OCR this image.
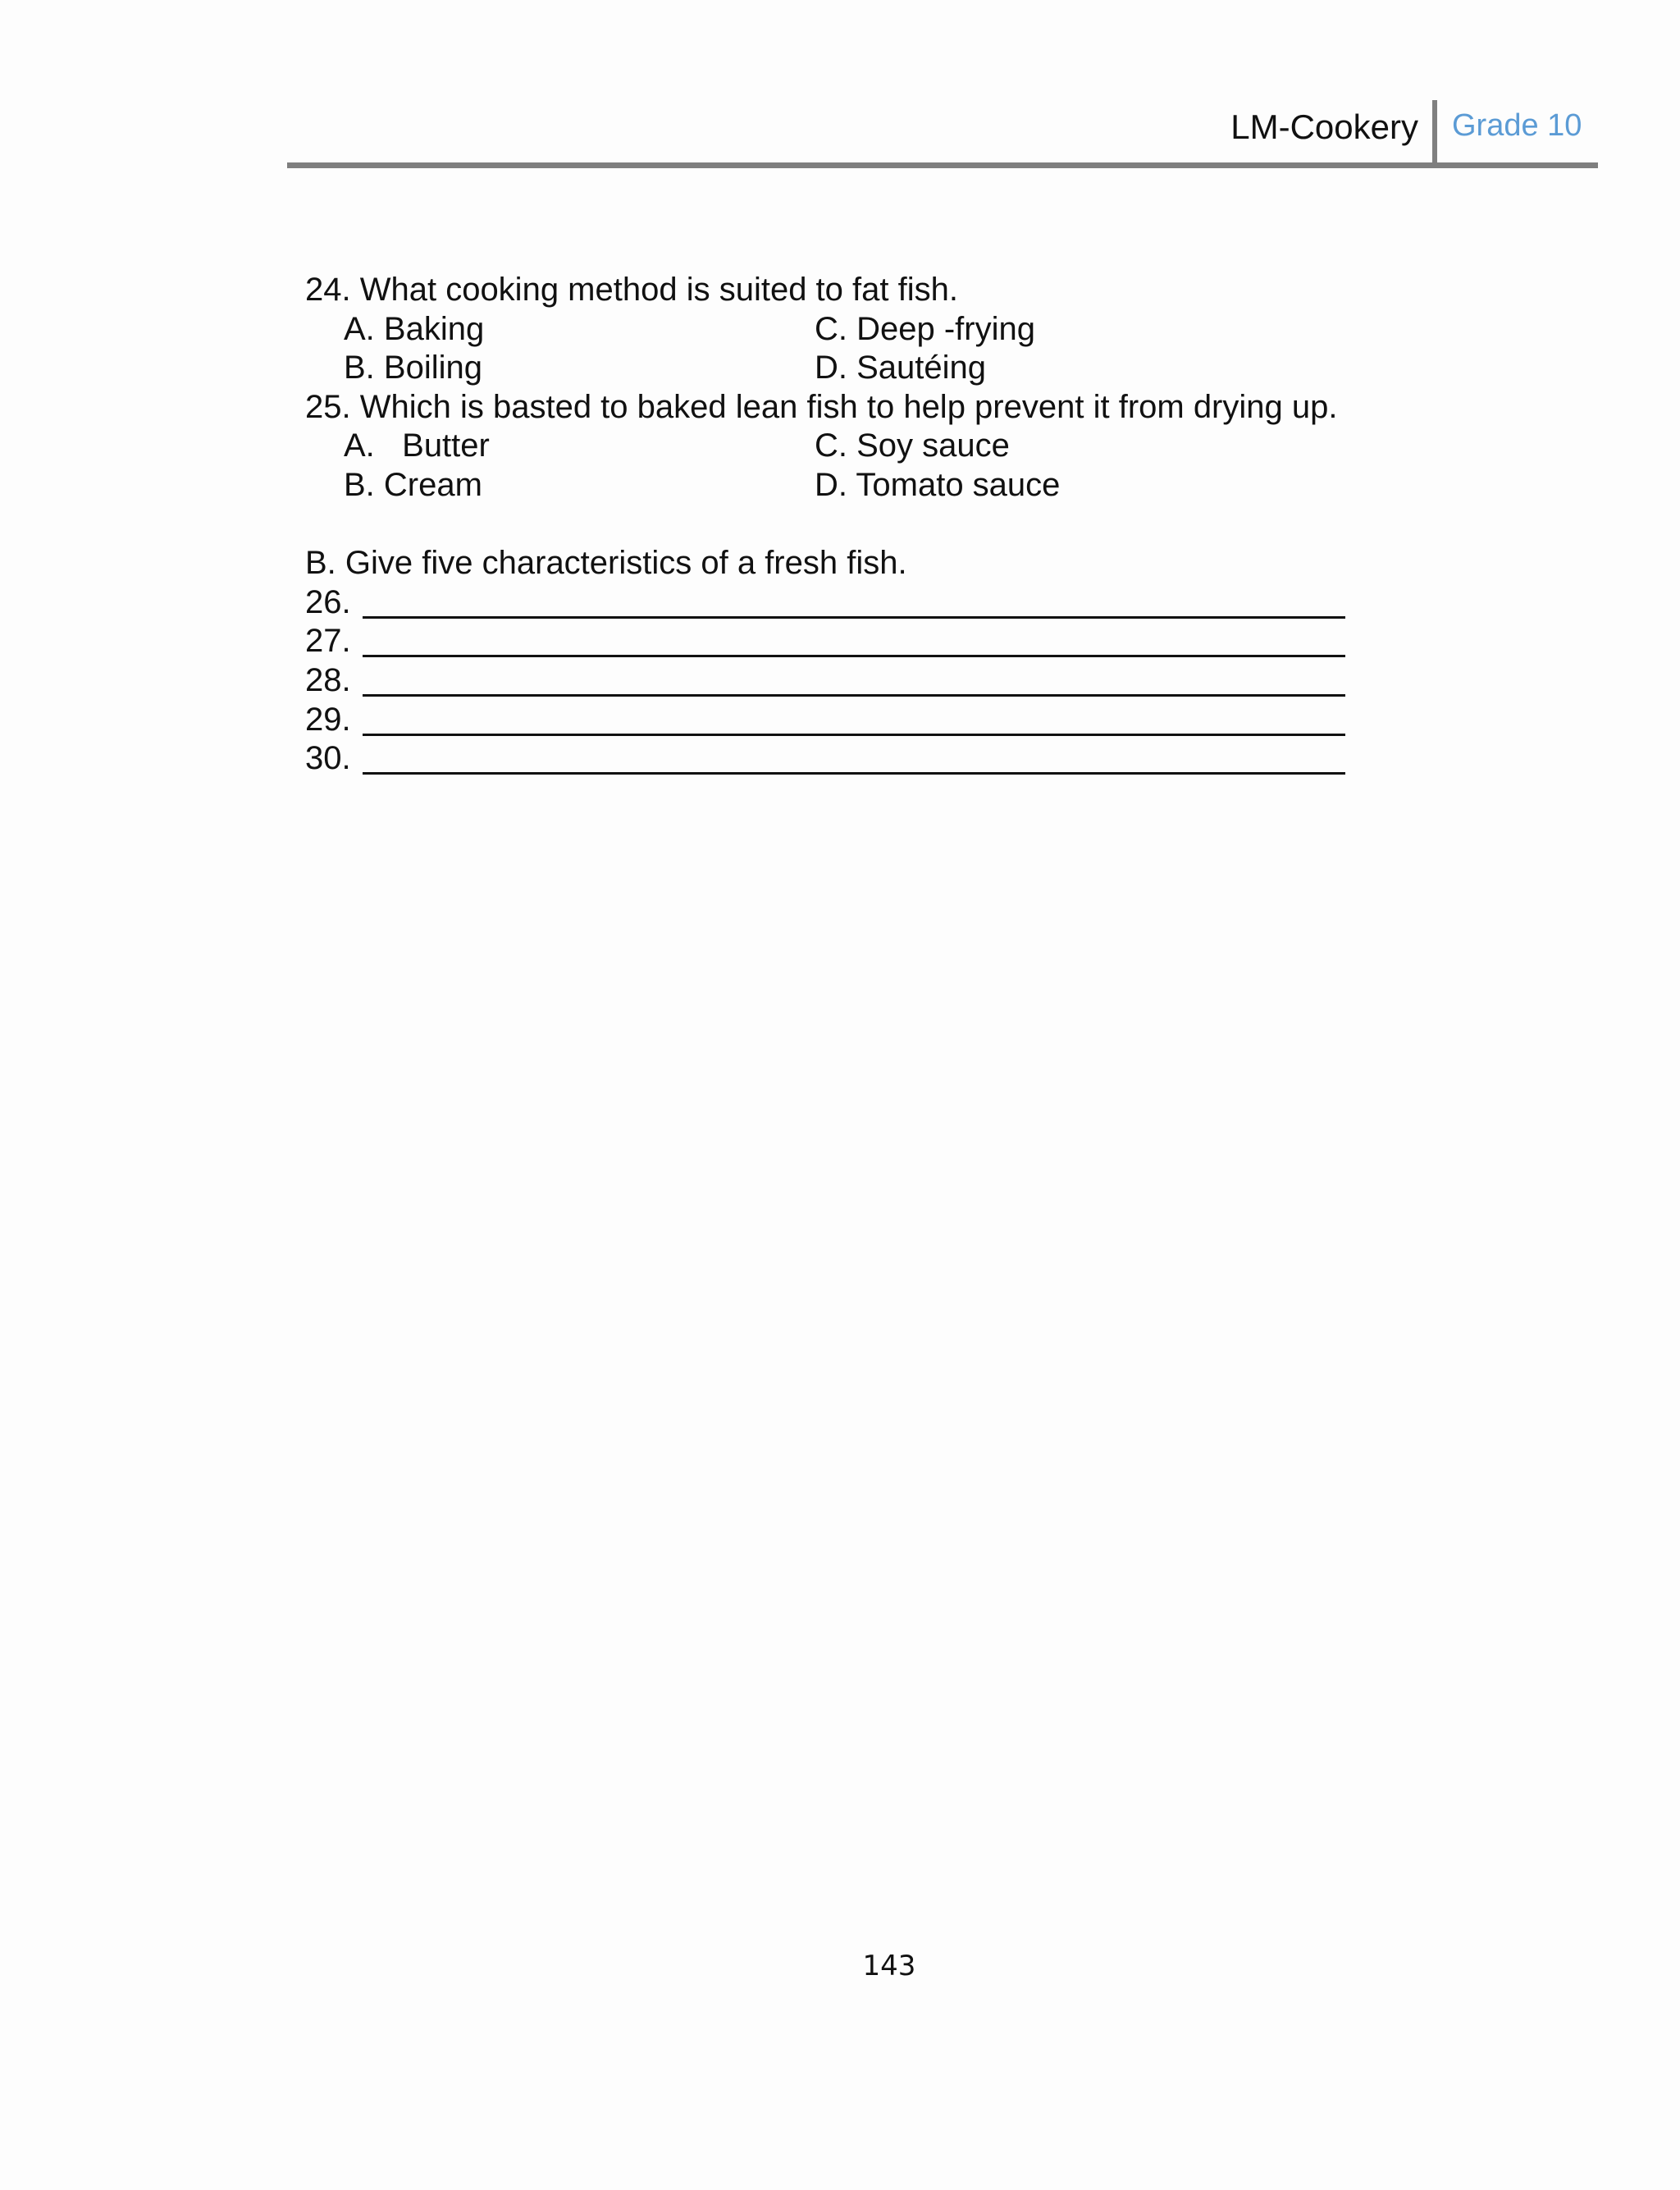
LM-Cookery Grade 10
24. What cooking method is suited to fat fish.
A. Baking	C. Deep -frying
B. Boiling	D. Sautéing
25. Which is basted to baked lean fish to help prevent it from drying up.
A.   Butter	C. Soy sauce
B. Cream	D. Tomato sauce
B. Give five characteristics of a fresh fish.
26.
27.
28.
29.
30.
143
